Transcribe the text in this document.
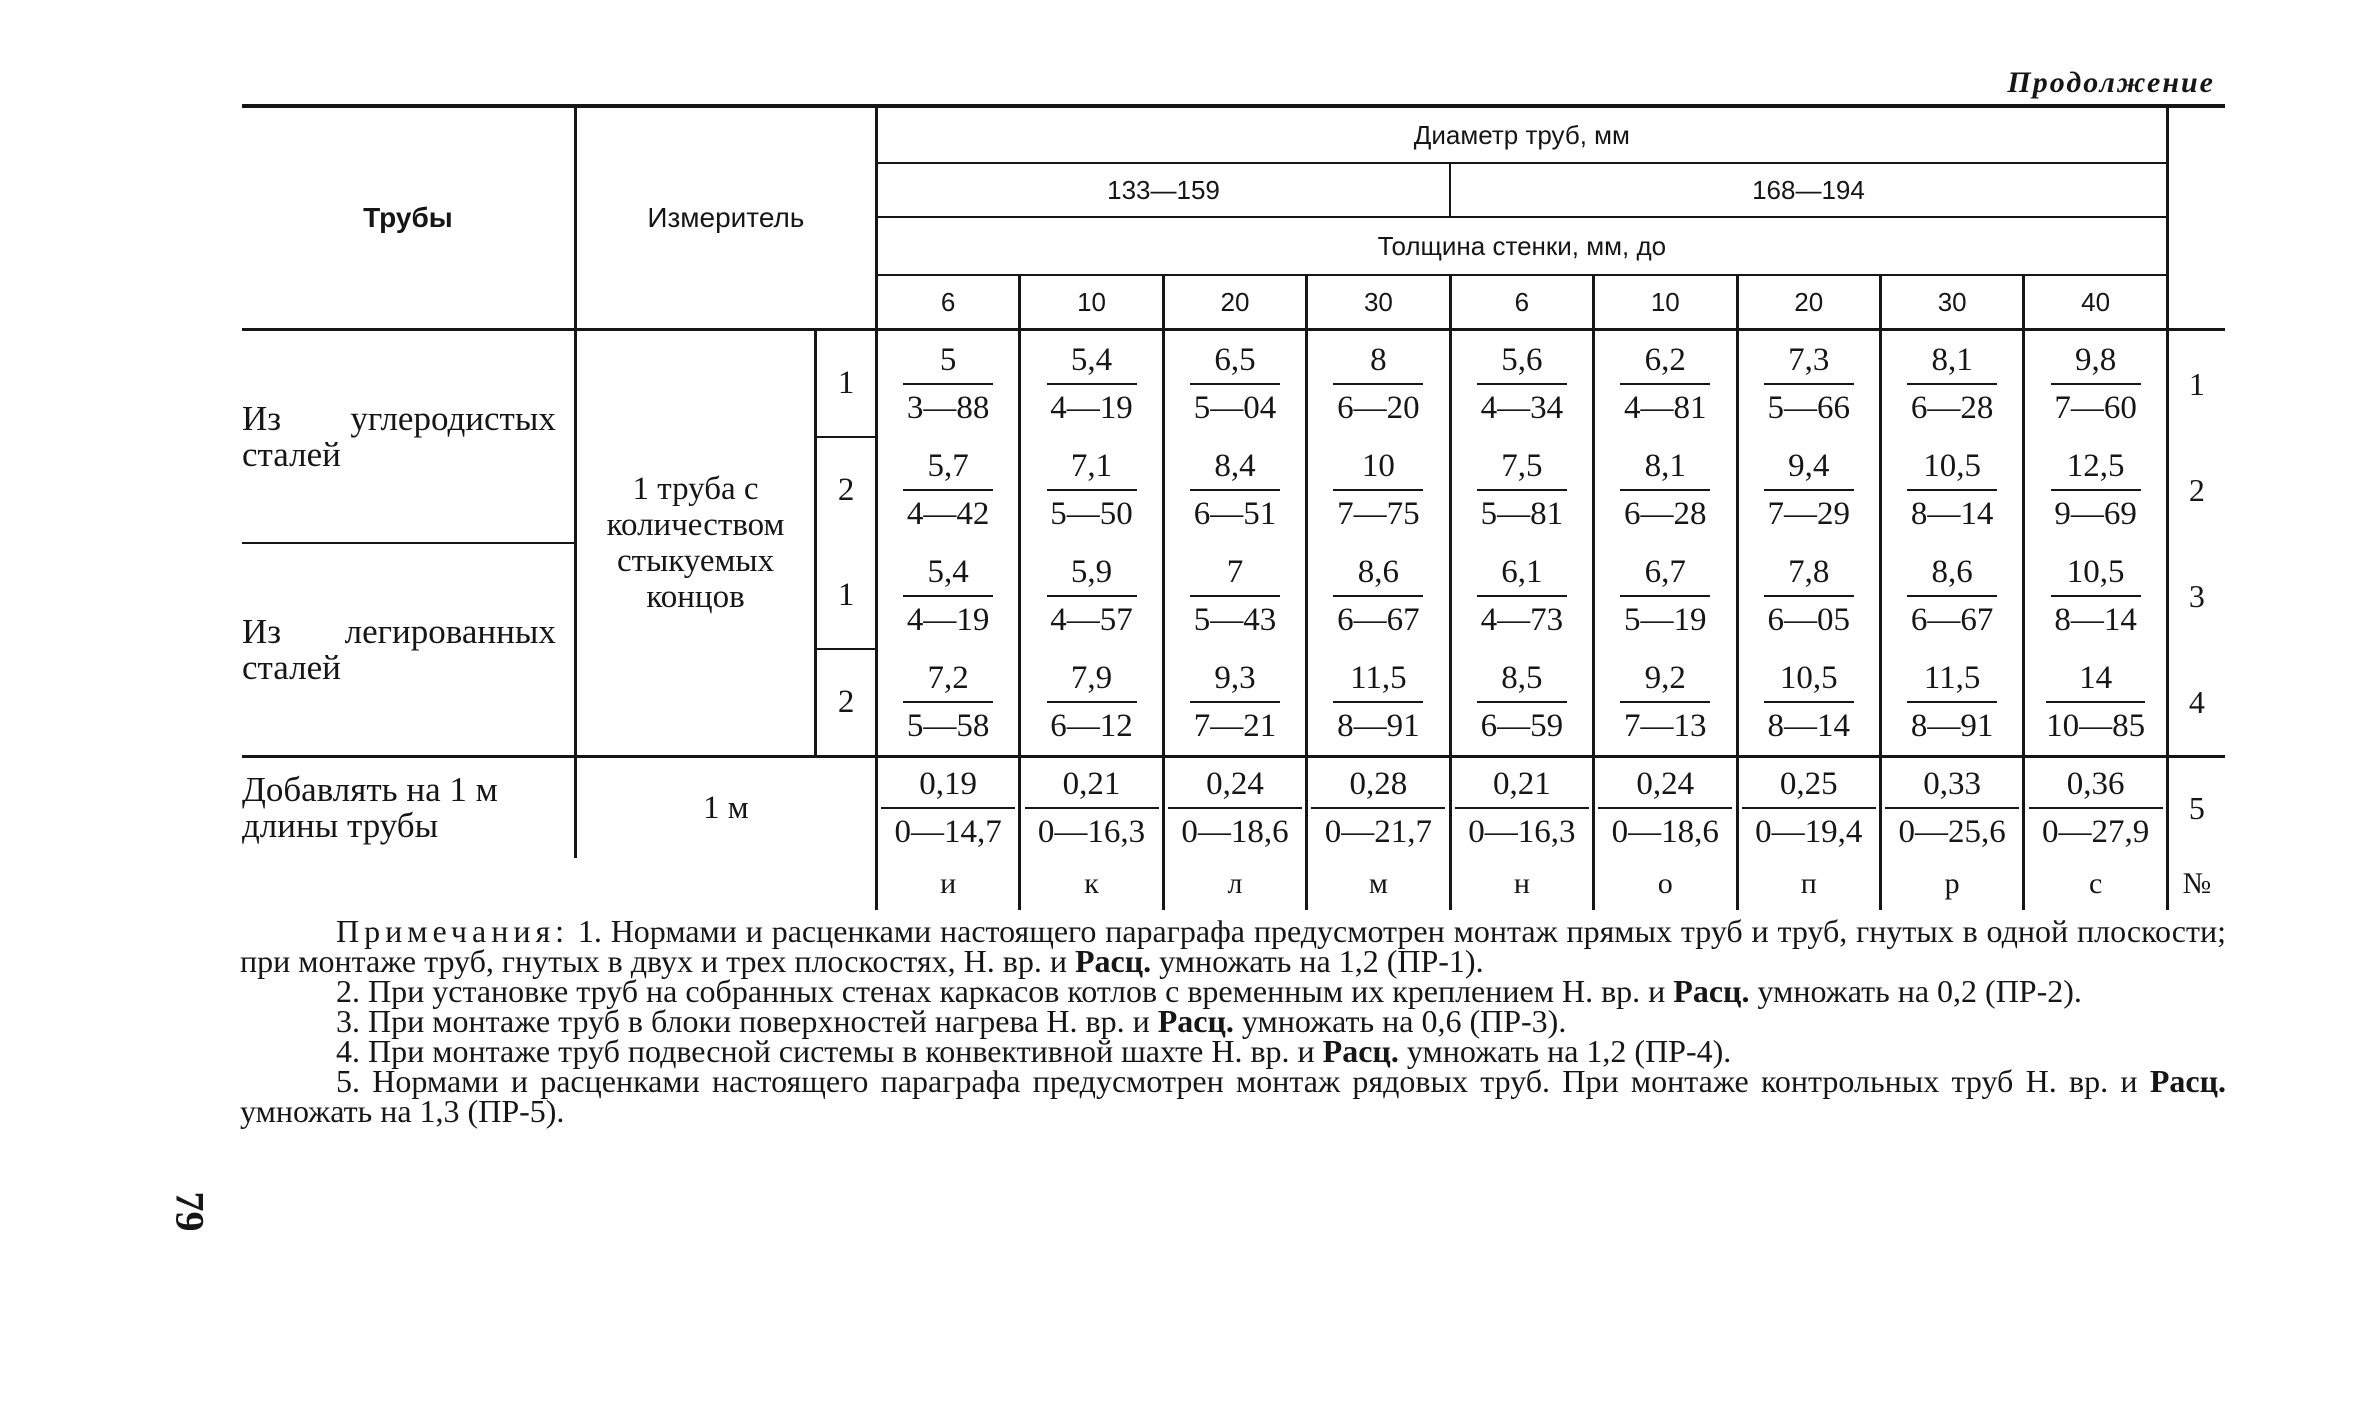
Продолжение
Трубы	Измеритель		Диаметр труб, мм									
			133—159				168—194					
			Толщина стенки, мм, до									
			6	10	20	30	6	10	20	30	40	

Из углеродистых
сталей	1 труба с количеством стыкуемых концов	1	$\frac{5}{3—88}$	$\frac{5,4}{4—19}$	$\frac{6,5}{5—04}$	$\frac{8}{6—20}$	$\frac{5,6}{4—34}$	$\frac{6,2}{4—81}$	$\frac{7,3}{5—66}$	$\frac{8,1}{6—28}$	$\frac{9,8}{7—60}$	1
		2	$\frac{5,7}{4—42}$	$\frac{7,1}{5—50}$	$\frac{8,4}{6—51}$	$\frac{10}{7—75}$	$\frac{7,5}{5—81}$	$\frac{8,1}{6—28}$	$\frac{9,4}{7—29}$	$\frac{10,5}{8—14}$	$\frac{12,5}{9—69}$	2

Из легированных
сталей		1	$\frac{5,4}{4—19}$	$\frac{5,9}{4—57}$	$\frac{7}{5—43}$	$\frac{8,6}{6—67}$	$\frac{6,1}{4—73}$	$\frac{6,7}{5—19}$	$\frac{7,8}{6—05}$	$\frac{8,6}{6—67}$	$\frac{10,5}{8—14}$	3
		2	$\frac{7,2}{5—58}$	$\frac{7,9}{6—12}$	$\frac{9,3}{7—21}$	$\frac{11,5}{8—91}$	$\frac{8,5}{6—59}$	$\frac{9,2}{7—13}$	$\frac{10,5}{8—14}$	$\frac{11,5}{8—91}$	$\frac{14}{10—85}$	4

Добавлять на 1 м
длины трубы	1 м		$\frac{0,19}{0—14,7}$	$\frac{0,21}{0—16,3}$	$\frac{0,24}{0—18,6}$	$\frac{0,28}{0—21,7}$	$\frac{0,21}{0—16,3}$	$\frac{0,24}{0—18,6}$	$\frac{0,25}{0—19,4}$	$\frac{0,33}{0—25,6}$	$\frac{0,36}{0—27,9}$	5
			и	к	л	м	н	о	п	р	с	№

Примечания: 1. Нормами и расценками настоящего параграфа предусмотрен монтаж прямых труб и труб, гнутых в одной плоскости; при монтаже труб, гнутых в двух и трех плоскостях, Н. вр. и Расц. умножать на 1,2 (ПР-1).

2. При установке труб на собранных стенах каркасов котлов с временным их креплением Н. вр. и Расц. умножать на 0,2 (ПР-2).

3. При монтаже труб в блоки поверхностей нагрева Н. вр. и Расц. умножать на 0,6 (ПР-3).

4. При монтаже труб подвесной системы в конвективной шахте Н. вр. и Расц. умножать на 1,2 (ПР-4).

5. Нормами и расценками настоящего параграфа предусмотрен монтаж рядовых труб. При монтаже контрольных труб Н. вр. и Расц. умножать на 1,3 (ПР-5).

79
